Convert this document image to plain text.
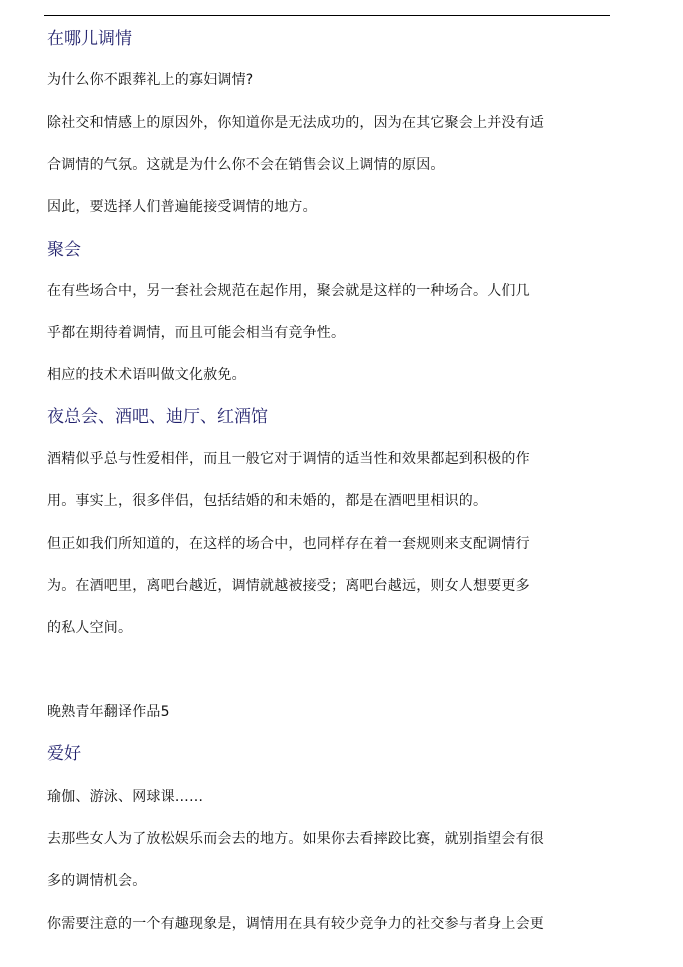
在哪儿调情
为什么你不跟葬礼上的寡妇调情?
除社交和情感上的原因外，你知道你是无法成功的，因为在其它聚会上并没有适
合调情的气氛。这就是为什么你不会在销售会议上调情的原因。
因此，要选择人们普遍能接受调情的地方。
聚会
在有些场合中，另一套社会规范在起作用，聚会就是这样的一种场合。人们几
乎都在期待着调情，而且可能会相当有竞争性。
相应的技术术语叫做文化赦免。
夜总会、酒吧、迪厅、红酒馆
酒精似乎总与性爱相伴，而且一般它对于调情的适当性和效果都起到积极的作
用。事实上，很多伴侣，包括结婚的和未婚的，都是在酒吧里相识的。
但正如我们所知道的，在这样的场合中，也同样存在着一套规则来支配调情行
为。在酒吧里，离吧台越近，调情就越被接受；离吧台越远，则女人想要更多
的私人空间。
晚熟青年翻译作品5
爱好
瑜伽、游泳、网球课……
去那些女人为了放松娱乐而会去的地方。如果你去看摔跤比赛，就别指望会有很
多的调情机会。
你需要注意的一个有趣现象是，调情用在具有较少竞争力的社交参与者身上会更
